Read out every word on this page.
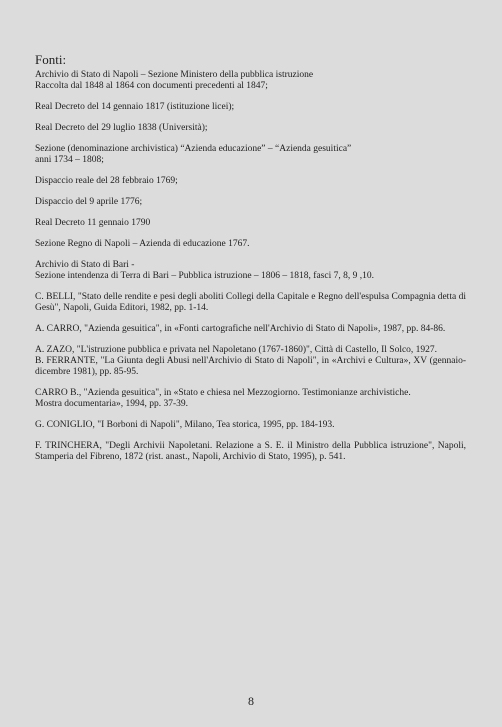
Fonti:

Archivio di Stato di Napoli – Sezione Ministero della pubblica istruzione
Raccolta dal 1848 al 1864 con documenti precedenti al 1847;

Real Decreto del 14 gennaio 1817 (istituzione licei);

Real Decreto del 29 luglio 1838 (Università);

Sezione (denominazione archivistica) “Azienda educazione” – “Azienda gesuitica”
anni 1734 – 1808;

Dispaccio reale del 28 febbraio 1769;

Dispaccio del 9 aprile 1776;

Real Decreto 11 gennaio 1790

Sezione Regno di Napoli – Azienda di educazione 1767.

Archivio di Stato di Bari -
Sezione intendenza di Terra di Bari – Pubblica istruzione – 1806 – 1818, fasci 7, 8, 9 ,10.

C. BELLI, "Stato delle rendite e pesi degli aboliti Collegi della Capitale e Regno dell'espulsa Compagnia detta di Gesù", Napoli, Guida Editori, 1982, pp. 1-14.

A. CARRO, "Azienda gesuitica", in «Fonti cartografiche nell'Archivio di Stato di Napoli», 1987, pp. 84-86.

A. ZAZO, "L'istruzione pubblica e privata nel Napoletano (1767-1860)", Città di Castello, Il Solco, 1927.

B. FERRANTE, "La Giunta degli Abusi nell'Archivio di Stato di Napoli", in «Archivi e Cultura», XV (gennaio-dicembre 1981), pp. 85-95.

CARRO B., "Azienda gesuitica", in «Stato e chiesa nel Mezzogiorno. Testimonianze archivistiche.
Mostra documentaria», 1994, pp. 37-39.

G. CONIGLIO, "I Borboni di Napoli", Milano, Tea storica, 1995, pp. 184-193.

F. TRINCHERA, "Degli Archivii Napoletani. Relazione a S. E. il Ministro della Pubblica istruzione", Napoli, Stamperia del Fibreno, 1872 (rist. anast., Napoli, Archivio di Stato, 1995), p. 541.

8
